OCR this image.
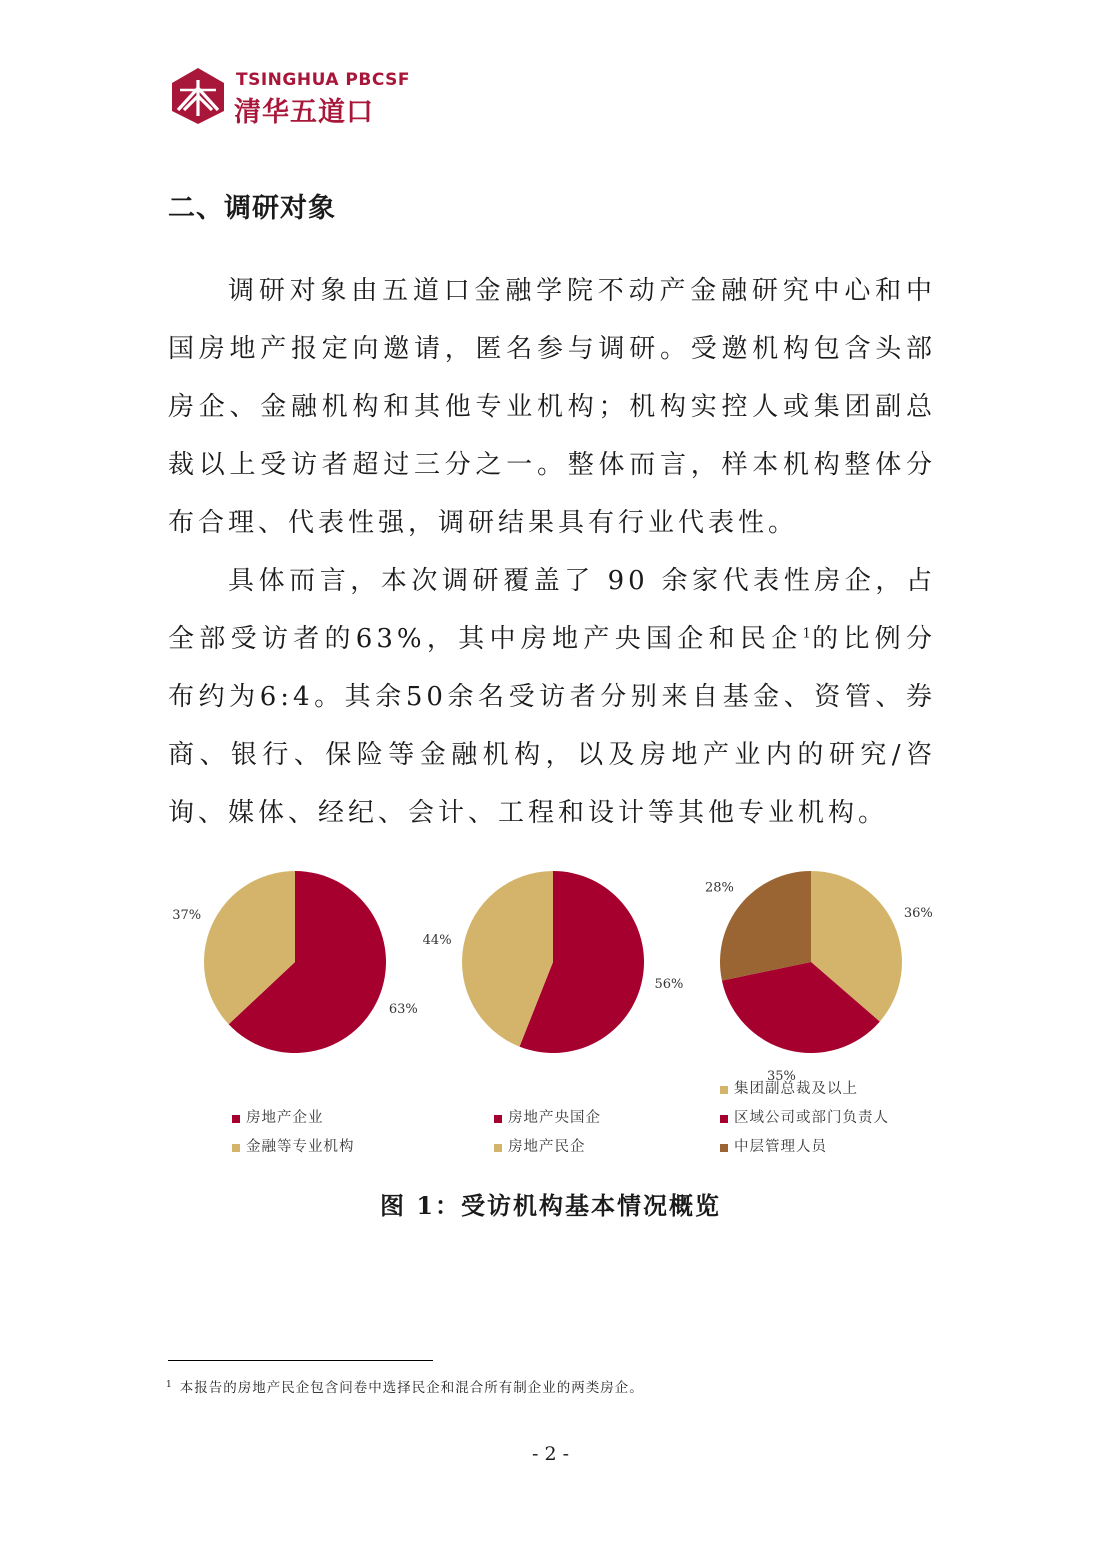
TSINGHUA PBCSF
清华五道口
二、调研对象

调研对象由五道口金融学院不动产金融研究中心和中国房地产报定向邀请，匿名参与调研。受邀机构包含头部房企、金融机构和其他专业机构；机构实控人或集团副总裁以上受访者超过三分之一。整体而言，样本机构整体分布合理、代表性强，调研结果具有行业代表性。

具体而言，本次调研覆盖了 90 余家代表性房企，占全部受访者的63%，其中房地产央国企和民企$^1$的比例分布约为6:4。其余50余名受访者分别来自基金、资管、券商、银行、保险等金融机构，以及房地产业内的研究/咨询、媒体、经纪、会计、工程和设计等其他专业机构。

63%
37%
56%
44%
36%
35%
28%
房地产企业
金融等专业机构
房地产央国企
房地产民企
集团副总裁及以上
区域公司或部门负责人
中层管理人员
图 1：受访机构基本情况概览
$^1$ 本报告的房地产民企包含问卷中选择民企和混合所有制企业的两类房企。
- 2 -
